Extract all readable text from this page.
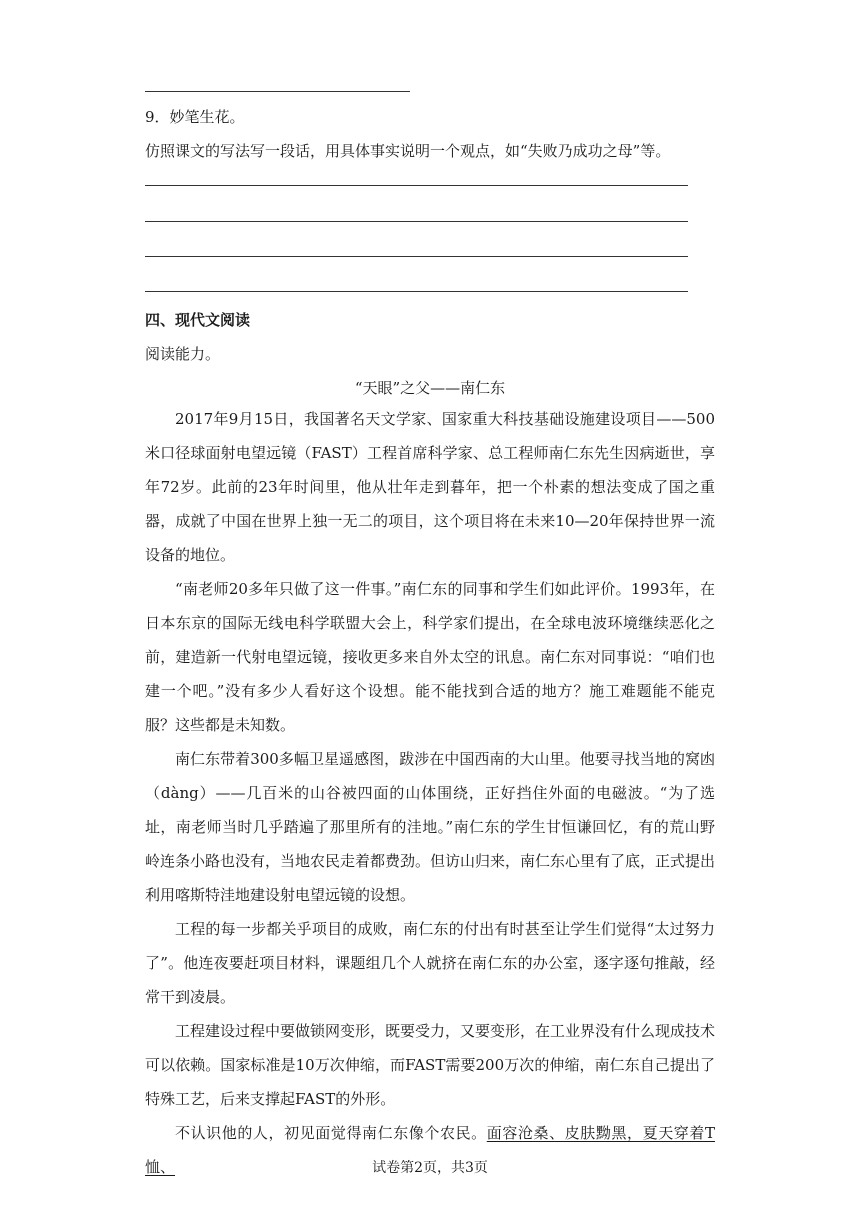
9．妙笔生花。
仿照课文的写法写一段话，用具体事实说明一个观点，如“失败乃成功之母”等。
四、现代文阅读
阅读能力。
“天眼”之父——南仁东
2017年9月15日，我国著名天文学家、国家重大科技基础设施建设项目——500米口径球面射电望远镜（FAST）工程首席科学家、总工程师南仁东先生因病逝世，享年72岁。此前的23年时间里，他从壮年走到暮年，把一个朴素的想法变成了国之重器，成就了中国在世界上独一无二的项目，这个项目将在未来10—20年保持世界一流设备的地位。
“南老师20多年只做了这一件事。”南仁东的同事和学生们如此评价。1993年，在日本东京的国际无线电科学联盟大会上，科学家们提出，在全球电波环境继续恶化之前，建造新一代射电望远镜，接收更多来自外太空的讯息。南仁东对同事说：“咱们也建一个吧。”没有多少人看好这个设想。能不能找到合适的地方？施工难题能不能克服？这些都是未知数。
南仁东带着300多幅卫星遥感图，跋涉在中国西南的大山里。他要寻找当地的窝凼（dàng）——几百米的山谷被四面的山体围绕，正好挡住外面的电磁波。“为了选址，南老师当时几乎踏遍了那里所有的洼地。”南仁东的学生甘恒谦回忆，有的荒山野岭连条小路也没有，当地农民走着都费劲。但访山归来，南仁东心里有了底，正式提出利用喀斯特洼地建设射电望远镜的设想。
工程的每一步都关乎项目的成败，南仁东的付出有时甚至让学生们觉得“太过努力了”。他连夜要赶项目材料，课题组几个人就挤在南仁东的办公室，逐字逐句推敲，经常干到凌晨。
工程建设过程中要做锁网变形，既要受力，又要变形，在工业界没有什么现成技术可以依赖。国家标准是10万次伸缩，而FAST需要200万次的伸缩，南仁东自己提出了特殊工艺，后来支撑起FAST的外形。
不认识他的人，初见面觉得南仁东像个农民。面容沧桑、皮肤黝黑，夏天穿着T恤、	试卷第2页，共3页
